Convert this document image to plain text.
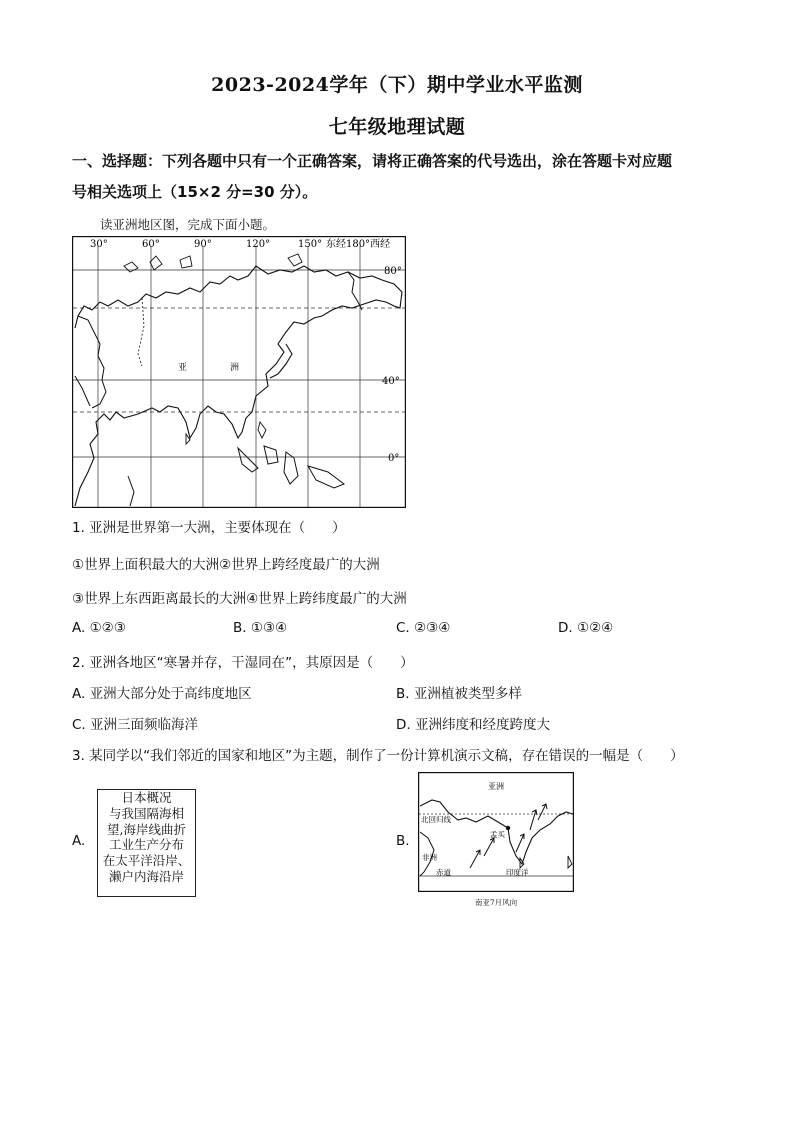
2023-2024学年（下）期中学业水平监测
七年级地理试题
一、选择题：下列各题中只有一个正确答案，请将正确答案的代号选出，涂在答题卡对应题
号相关选项上（15×2 分=30 分）。
读亚洲地区图，完成下面小题。
30°	60°	90°	120°	150° 东经180°西经
80°
40°
0°
亚	洲
1. 亚洲是世界第一大洲，主要体现在（　　）
①世界上面积最大的大洲②世界上跨经度最广的大洲
③世界上东西距离最长的大洲④世界上跨纬度最广的大洲
A. ①②③	B. ①③④	C. ②③④	D. ①②④
2. 亚洲各地区“寒暑并存，干湿同在”，其原因是（　　）
A. 亚洲大部分处于高纬度地区	B. 亚洲植被类型多样
C. 亚洲三面频临海洋	D. 亚洲纬度和经度跨度大
3. 某同学以“我们邻近的国家和地区”为主题，制作了一份计算机演示文稿，存在错误的一幅是（　　）
A.
日本概况
与我国隔海相
望,海岸线曲折
工业生产分布
在太平洋沿岸、
濑户内海沿岸
B.
亚洲
北回归线
孟买
非洲
赤道	印度洋
南亚7月风向
